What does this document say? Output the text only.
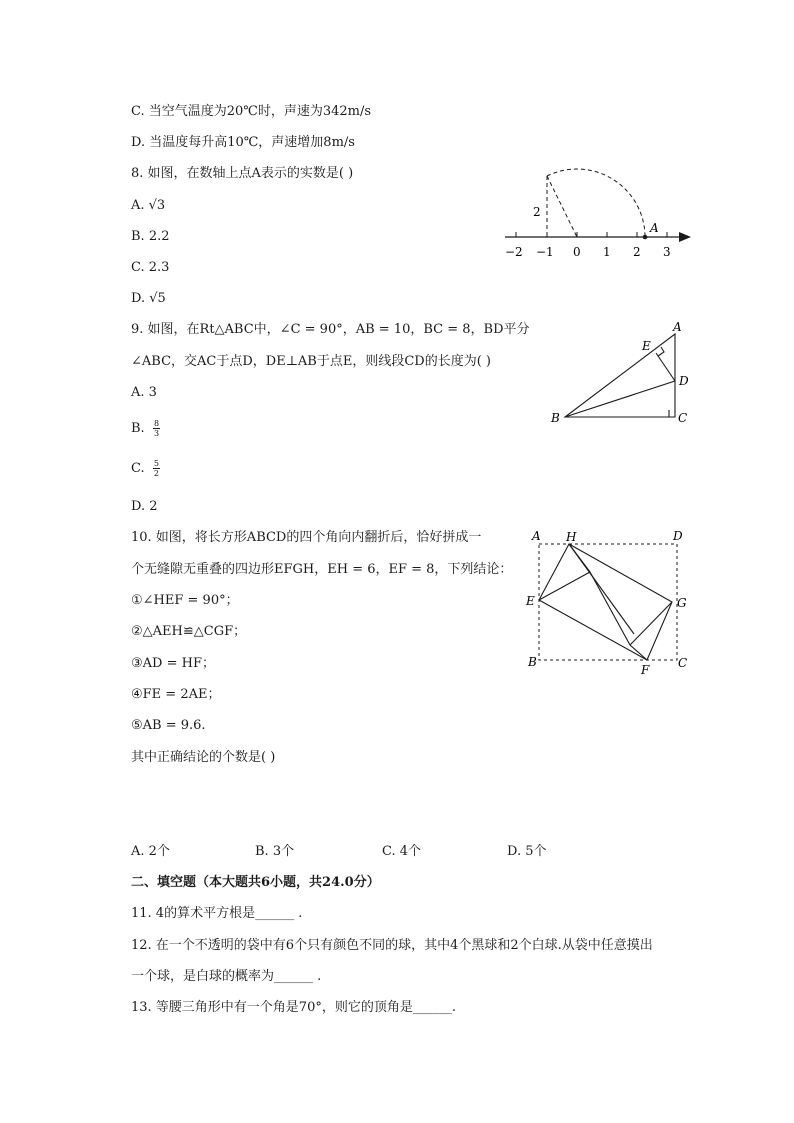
C. 当空气温度为20℃时，声速为342m/s
D. 当温度每升高10℃，声速增加8m/s
8. 如图，在数轴上点A表示的实数是( )
A. √3
B. 2.2
C. 2.3
D. √5
2
A
−2 −1 0 1 2 3
9. 如图，在Rt△ABC中，∠C = 90°，AB = 10，BC = 8，BD平分
∠ABC，交AC于点D，DE⊥AB于点E，则线段CD的长度为( )
A. 3
B. $\frac{8}{3}$
C. $\frac{5}{2}$
D. 2
A
E
D
B	C
10. 如图，将长方形ABCD的四个角向内翻折后，恰好拼成一
个无缝隙无重叠的四边形EFGH，EH = 6，EF = 8，下列结论：
①∠HEF = 90°；
②△AEH≌△CGF；
③AD = HF；
④FE = 2AE；
⑤AB = 9.6.
其中正确结论的个数是( )
A. 2个	B. 3个	C. 4个	D. 5个
A H	D
E	G
B
F C
二、填空题（本大题共6小题，共24.0分）
11. 4的算术平方根是______ .
12. 在一个不透明的袋中有6个只有颜色不同的球，其中4个黑球和2个白球.从袋中任意摸出
一个球，是白球的概率为______ .
13. 等腰三角形中有一个角是70°，则它的顶角是______.
